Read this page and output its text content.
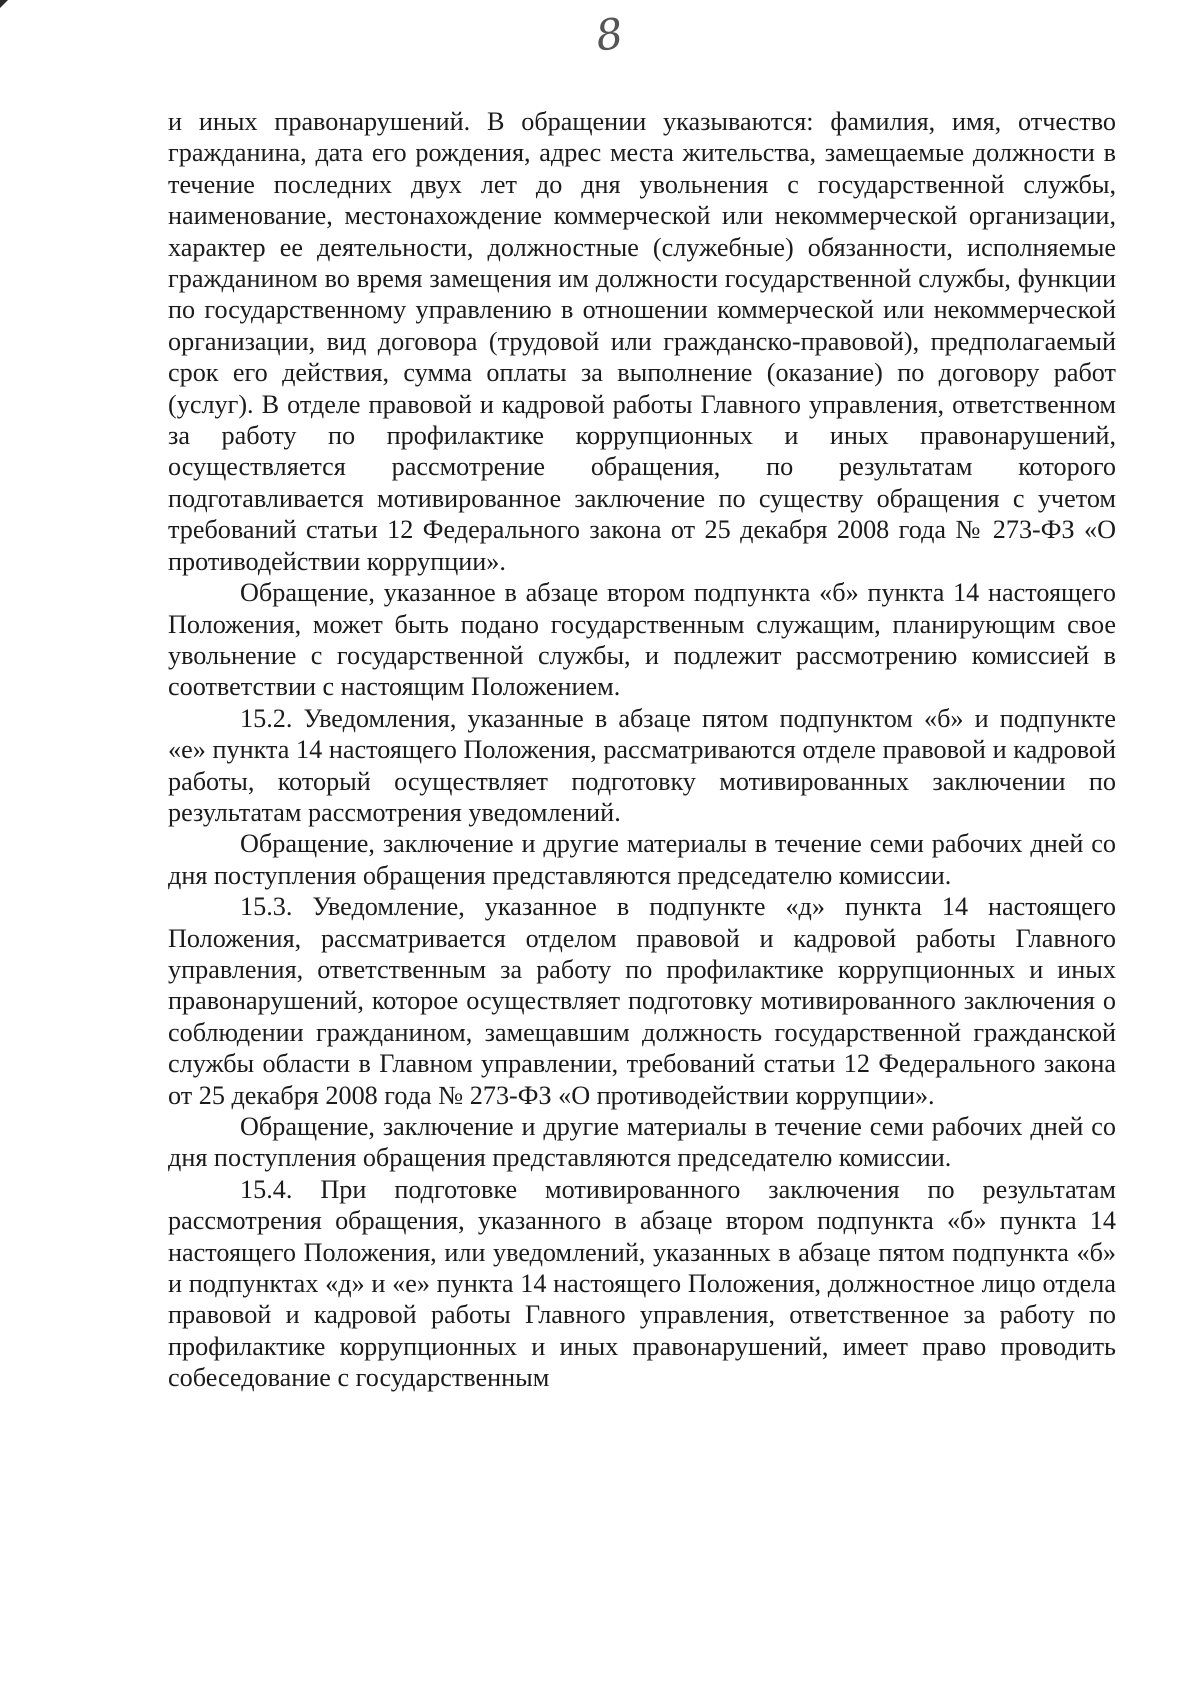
8

и иных правонарушений. В обращении указываются: фамилия, имя, отчество гражданина, дата его рождения, адрес места жительства, замещаемые должности в течение последних двух лет до дня увольнения с государственной службы, наименование, местонахождение коммерческой или некоммерческой организации, характер ее деятельности, должностные (служебные) обязанности, исполняемые гражданином во время замещения им должности государственной службы, функции по государственному управлению в отношении коммерческой или некоммерческой организации, вид договора (трудовой или гражданско-правовой), предполагаемый срок его действия, сумма оплаты за выполнение (оказание) по договору работ (услуг). В отделе правовой и кадровой работы Главного управления, ответственном за работу по профилактике коррупционных и иных правонарушений, осуществляется рассмотрение обращения, по результатам которого подготавливается мотивированное заключение по существу обращения с учетом требований статьи 12 Федерального закона от 25 декабря 2008 года № 273-ФЗ «О противодействии коррупции».

Обращение, указанное в абзаце втором подпункта «б» пункта 14 настоящего Положения, может быть подано государственным служащим, планирующим свое увольнение с государственной службы, и подлежит рассмотрению комиссией в соответствии с настоящим Положением.

15.2. Уведомления, указанные в абзаце пятом подпунктом «б» и подпункте «е» пункта 14 настоящего Положения, рассматриваются отделе правовой и кадровой работы, который осуществляет подготовку мотивированных заключении по результатам рассмотрения уведомлений.

Обращение, заключение и другие материалы в течение семи рабочих дней со дня поступления обращения представляются председателю комиссии.

15.3. Уведомление, указанное в подпункте «д» пункта 14 настоящего Положения, рассматривается отделом правовой и кадровой работы Главного управления, ответственным за работу по профилактике коррупционных и иных правонарушений, которое осуществляет подготовку мотивированного заключения о соблюдении гражданином, замещавшим должность государственной гражданской службы области в Главном управлении, требований статьи 12 Федерального закона от 25 декабря 2008 года № 273-ФЗ «О противодействии коррупции».

Обращение, заключение и другие материалы в течение семи рабочих дней со дня поступления обращения представляются председателю комиссии.

15.4. При подготовке мотивированного заключения по результатам рассмотрения обращения, указанного в абзаце втором подпункта «б» пункта 14 настоящего Положения, или уведомлений, указанных в абзаце пятом подпункта «б» и подпунктах «д» и «е» пункта 14 настоящего Положения, должностное лицо отдела правовой и кадровой работы Главного управления, ответственное за работу по профилактике коррупционных и иных правонарушений, имеет право проводить собеседование с государственным
